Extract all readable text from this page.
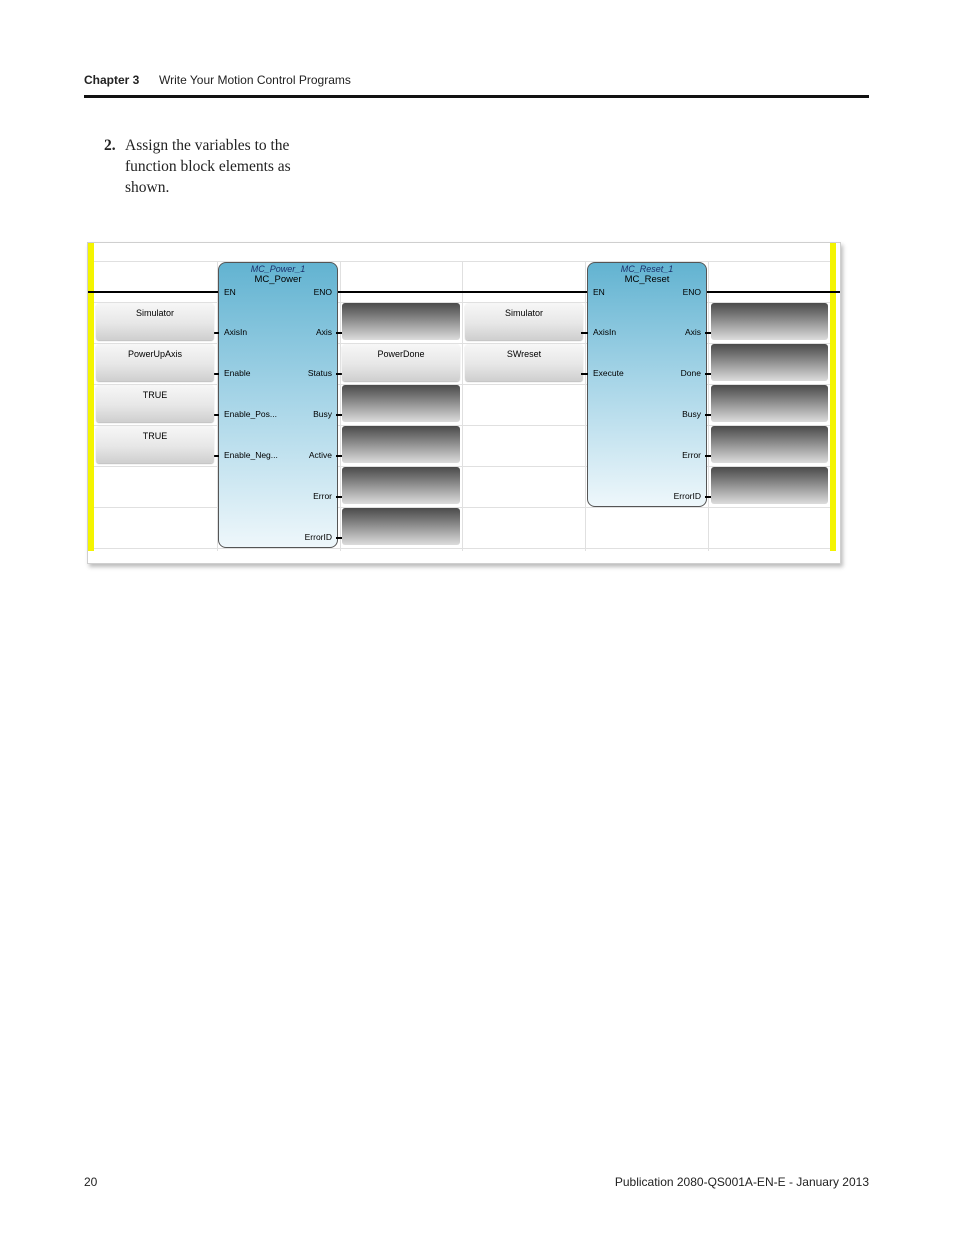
Chapter 3 Write Your Motion Control Programs
2. Assign the variables to the function block elements as shown.
MC_Power_1
MC_Power
EN	ENO
AxisIn
Enable
Enable_Pos...
Enable_Neg...
Axis
Status
Busy
Active
Error
ErrorID
Simulator
PowerUpAxis
TRUE
TRUE
PowerDone
Simulator
SWreset
MC_Reset_1
MC_Reset
EN	ENO
AxisIn
Execute
Axis
Done
Busy
Error
ErrorID
20	Publication 2080-QS001A-EN-E - January 2013
